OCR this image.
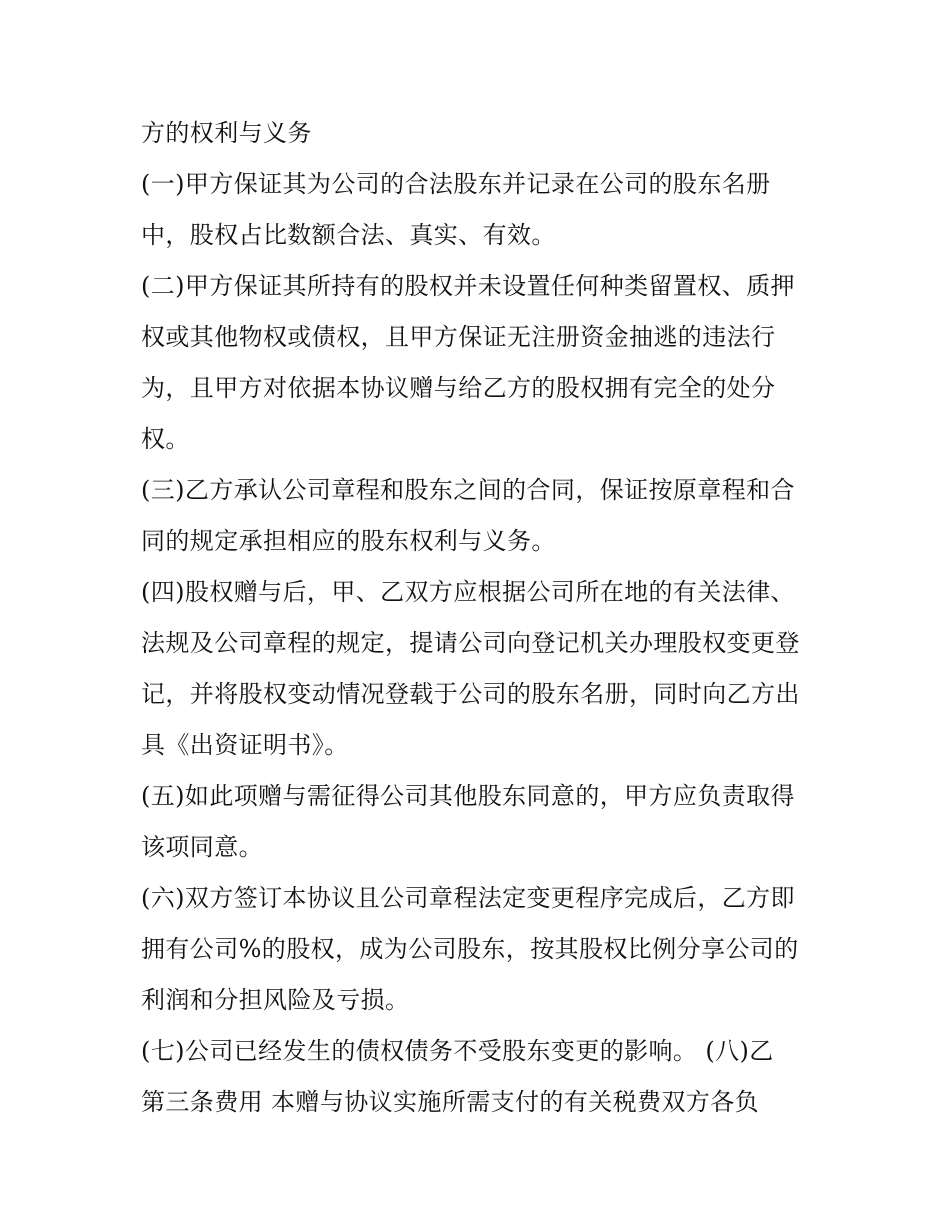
方的权利与义务
(一)甲方保证其为公司的合法股东并记录在公司的股东名册
中，股权占比数额合法、真实、有效。
(二)甲方保证其所持有的股权并未设置任何种类留置权、质押
权或其他物权或债权，且甲方保证无注册资金抽逃的违法行
为，且甲方对依据本协议赠与给乙方的股权拥有完全的处分
权。
(三)乙方承认公司章程和股东之间的合同，保证按原章程和合
同的规定承担相应的股东权利与义务。
(四)股权赠与后，甲、乙双方应根据公司所在地的有关法律、
法规及公司章程的规定，提请公司向登记机关办理股权变更登
记，并将股权变动情况登载于公司的股东名册，同时向乙方出
具《出资证明书》。
(五)如此项赠与需征得公司其他股东同意的，甲方应负责取得
该项同意。
(六)双方签订本协议且公司章程法定变更程序完成后，乙方即
拥有公司%的股权，成为公司股东，按其股权比例分享公司的
利润和分担风险及亏损。
(七)公司已经发生的债权债务不受股东变更的影响。 (八)乙
第三条费用 本赠与协议实施所需支付的有关税费双方各负
